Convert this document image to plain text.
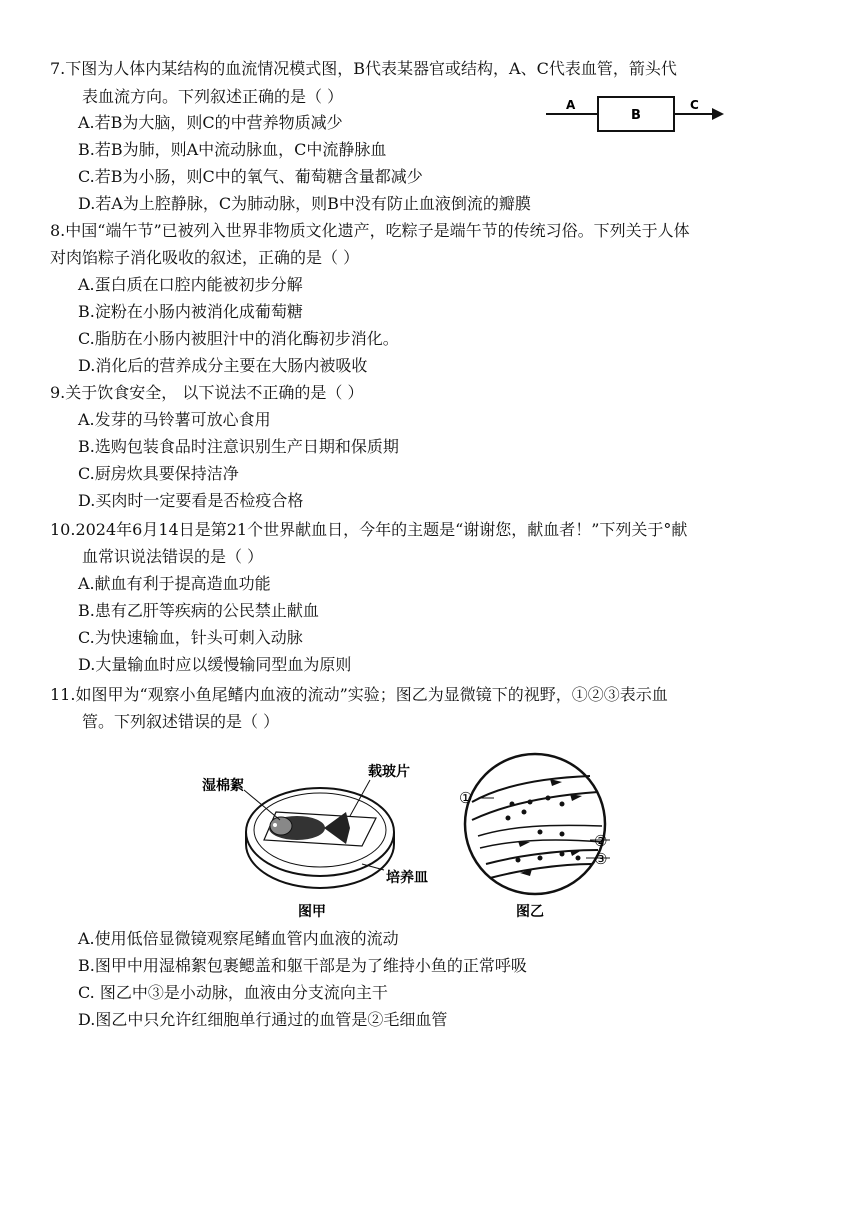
7.下图为人体内某结构的血流情况模式图，B代表某器官或结构，A、C代表血管，箭头代
表血流方向。下列叙述正确的是（ ）	A
B
C
A.若B为大脑，则C的中营养物质减少
B.若B为肺，则A中流动脉血，C中流静脉血
C.若B为小肠，则C中的氧气、葡萄糖含量都减少
D.若A为上腔静脉，C为肺动脉，则B中没有防止血液倒流的瓣膜
8.中国“端午节”已被列入世界非物质文化遗产，吃粽子是端午节的传统习俗。下列关于人体
对肉馅粽子消化吸收的叙述，正确的是（ ）
A.蛋白质在口腔内能被初步分解
B.淀粉在小肠内被消化成葡萄糖
C.脂肪在小肠内被胆汁中的消化酶初步消化。
D.消化后的营养成分主要在大肠内被吸收
9.关于饮食安全， 以下说法不正确的是（ ）
A.发芽的马铃薯可放心食用
B.选购包装食品时注意识别生产日期和保质期
C.厨房炊具要保持洁净
D.买肉时一定要看是否检疫合格
10.2024年6月14日是第21个世界献血日，今年的主题是“谢谢您，献血者！”下列关于°献
血常识说法错误的是（ ）
A.献血有利于提高造血功能
B.患有乙肝等疾病的公民禁止献血
C.为快速输血，针头可刺入动脉
D.大量输血时应以缓慢输同型血为原则
11.如图甲为“观察小鱼尾鳍内血液的流动”实验；图乙为显微镜下的视野，①②③表示血
管。下列叙述错误的是（ ）
湿棉絮
载玻片
培养皿
图甲
①
②
③
图乙
A.使用低倍显微镜观察尾鳍血管内血液的流动
B.图甲中用湿棉絮包裹鳃盖和躯干部是为了维持小鱼的正常呼吸
C. 图乙中③是小动脉，血液由分支流向主干
D.图乙中只允许红细胞单行通过的血管是②毛细血管
